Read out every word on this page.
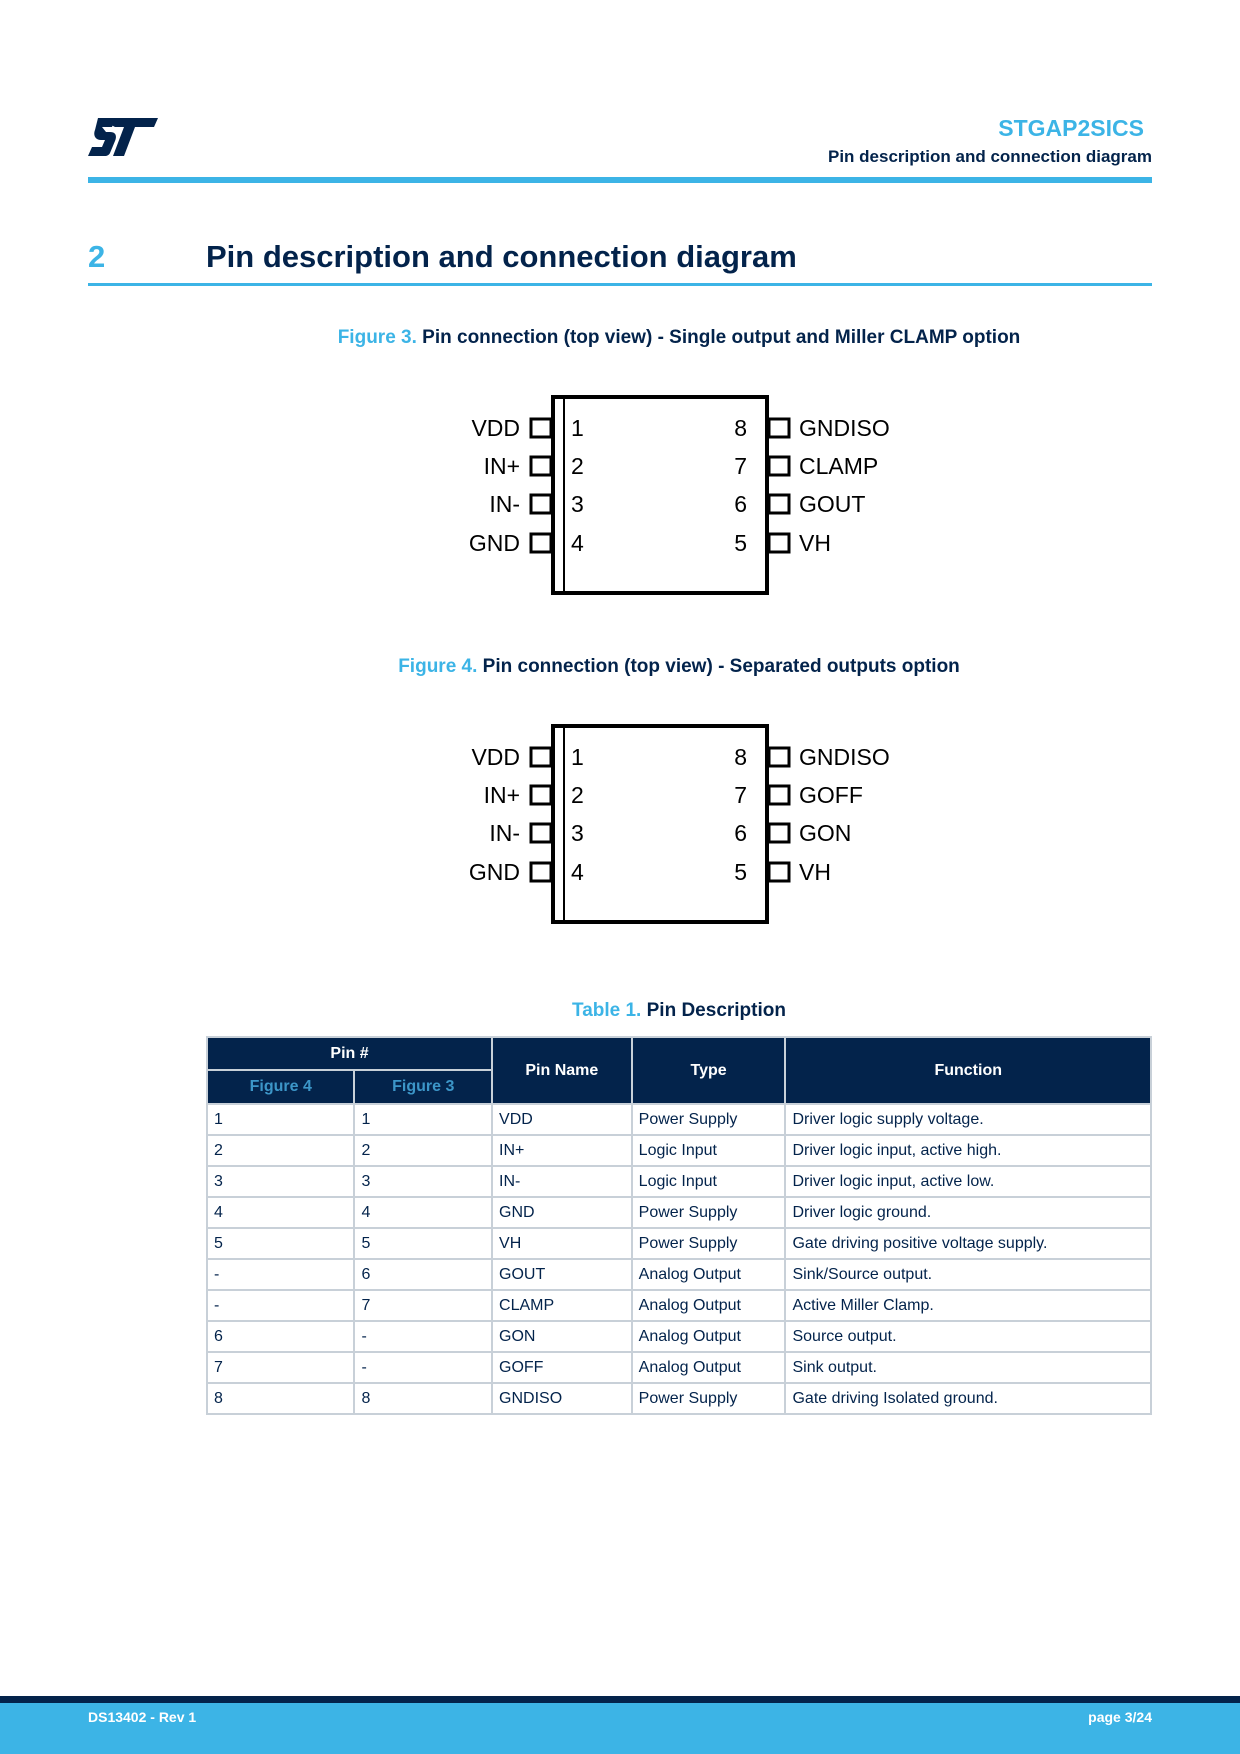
STGAP2SICS
Pin description and connection diagram
2	Pin description and connection diagram
Figure 3. Pin connection (top view) - Single output and Miller CLAMP option
VDD 1
IN+ 2
IN- 3
GND 4
8 GNDISO
7 CLAMP
6 GOUT
5 VH
Figure 4. Pin connection (top view) - Separated outputs option
VDD 1
IN+ 2
IN- 3
GND 4
8 GNDISO
7 GOFF
6 GON
5 VH
Table 1. Pin Description
Pin #		Pin Name	Type	Function
Figure 4	Figure 3			
1	1	VDD	Power Supply	Driver logic supply voltage.
2	2	IN+	Logic Input	Driver logic input, active high.
3	3	IN-	Logic Input	Driver logic input, active low.
4	4	GND	Power Supply	Driver logic ground.
5	5	VH	Power Supply	Gate driving positive voltage supply.
-	6	GOUT	Analog Output	Sink/Source output.
-	7	CLAMP	Analog Output	Active Miller Clamp.
6	-	GON	Analog Output	Source output.
7	-	GOFF	Analog Output	Sink output.
8	8	GNDISO	Power Supply	Gate driving Isolated ground.
DS13402 - Rev 1	page 3/24
